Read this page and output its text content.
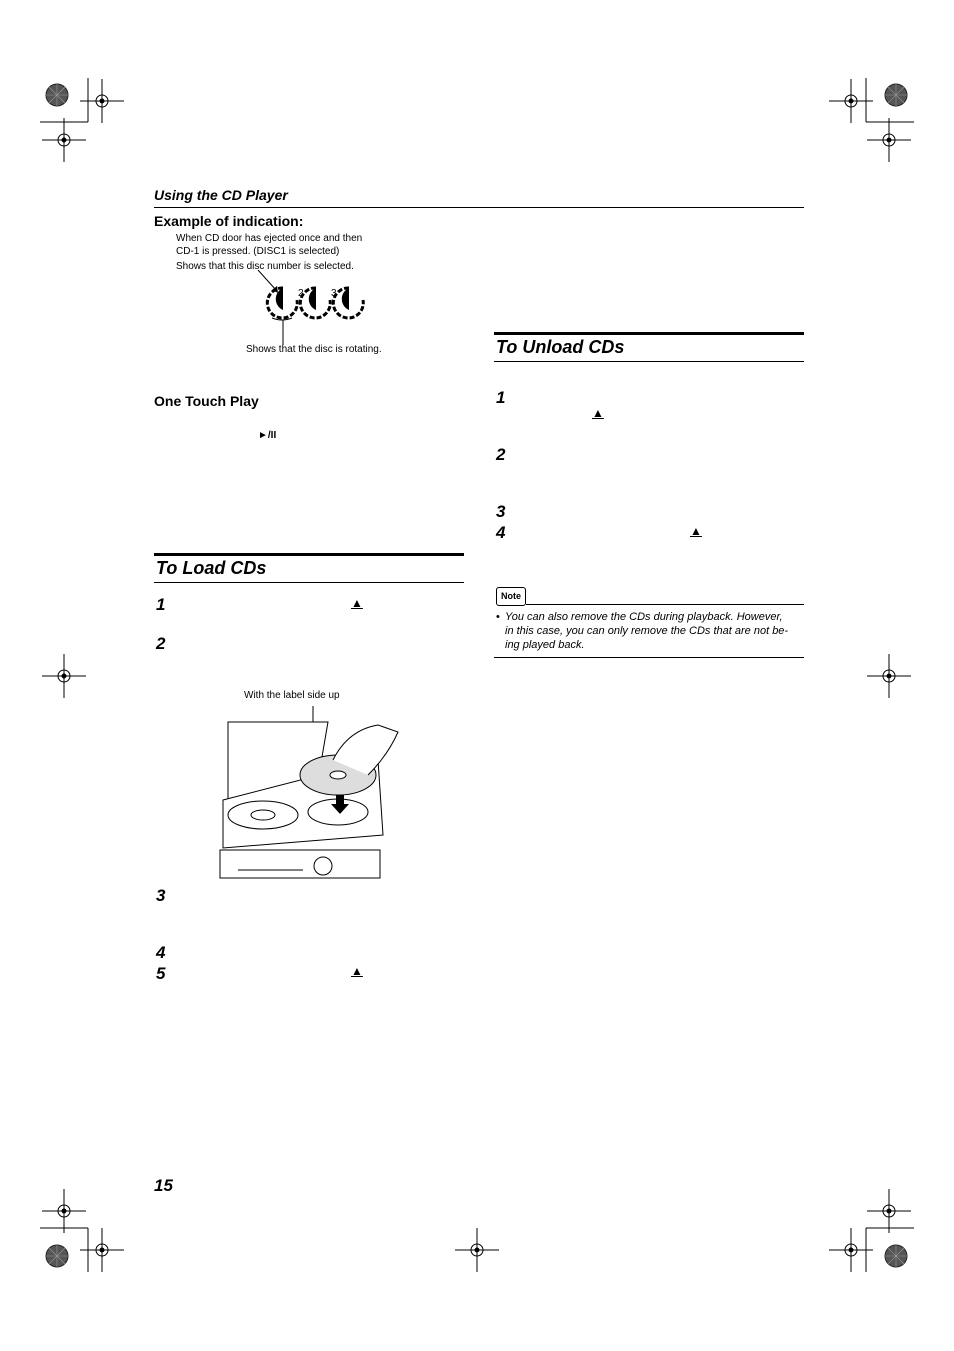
Using the CD Player
Example of indication:
When CD door has ejected once and then
CD-1 is pressed. (DISC1 is selected)
Shows that this disc number is selected.
2	3
Shows that the disc is rotating.
One Touch Play
►/II
To Load CDs
1	▲
2
With the label side up
3
4
5	▲
To Unload CDs
1
▲
2
3
4	▲
Note
• You can also remove the CDs during playback. However,
in this case, you can only remove the CDs that are not be-
ing played back.
15
